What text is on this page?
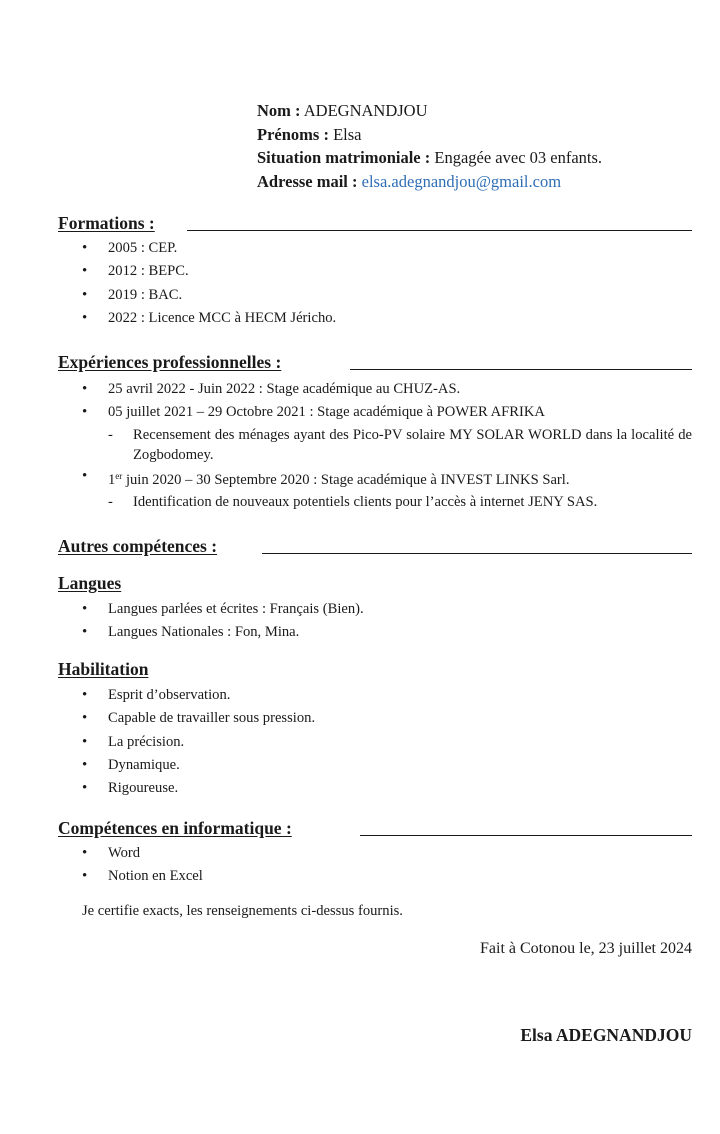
Nom : ADEGNANDJOU
Prénoms : Elsa
Situation matrimoniale : Engagée avec 03 enfants.
Adresse mail : elsa.adegnandjou@gmail.com
Formations :
• 2005 : CEP.
• 2012 : BEPC.
• 2019 : BAC.
• 2022 : Licence MCC à HECM Jéricho.
Expériences professionnelles :
• 25 avril 2022 - Juin 2022 : Stage académique au CHUZ-AS.
• 05 juillet 2021 – 29 Octobre 2021 : Stage académique à POWER AFRIKA
- Recensement des ménages ayant des Pico-PV solaire MY SOLAR WORLD dans la localité de Zogbodomey.
• 1er juin 2020 – 30 Septembre 2020 : Stage académique à INVEST LINKS Sarl.
- Identification de nouveaux potentiels clients pour l’accès à internet JENY SAS.
Autres compétences :
Langues
• Langues parlées et écrites : Français (Bien).
• Langues Nationales : Fon, Mina.
Habilitation
• Esprit d’observation.
• Capable de travailler sous pression.
• La précision.
• Dynamique.
• Rigoureuse.
Compétences en informatique :
• Word
• Notion en Excel
Je certifie exacts, les renseignements ci-dessus fournis.
Fait à Cotonou le, 23 juillet 2024
Elsa ADEGNANDJOU
